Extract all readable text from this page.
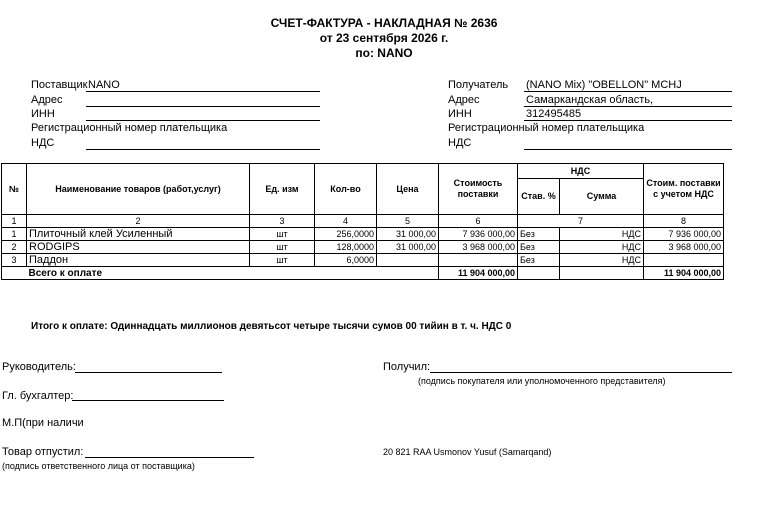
СЧЕТ-ФАКТУРА - НАКЛАДНАЯ № 2636
от 23 сентября 2026 г.
по: NANO
Поставщик NANO
Адрес
ИНН
Регистрационный номер плательщика
НДС
Получатель (NANO Mix) "OBELLON" MCHJ
Адрес	Самаркандская область,
ИНН	312495485
Регистрационный номер плательщика
НДС
№	Наименование товаров (работ,услуг)	Ед. изм	Кол-во	Цена	Стоимость поставки	НДС		Стоим. поставки с учетом НДС
						Став. %	Сумма	
1	2	3	4	5	6	7		8
1	Плиточный клей Усиленный	шт	256,0000	31 000,00	7 936 000,00	Без	НДС	7 936 000,00
2	RODGIPS	шт	128,0000	31 000,00	3 968 000,00	Без	НДС	3 968 000,00
3	Паддон	шт	6,0000			Без	НДС	
	Всего к оплате				11 904 000,00			11 904 000,00
Итого к оплате: Одиннадцать миллионов девятьсот четыре тысячи сумов 00 тийин в т. ч. НДС 0
Руководитель:	Получил:
(подпись покупателя или уполномоченного представителя)
Гл. бухгалтер:
М.П(при наличи
Товар отпустил:
(подпись ответственного лица от поставщика)
20 821 RAA Usmonov Yusuf (Samarqand)
